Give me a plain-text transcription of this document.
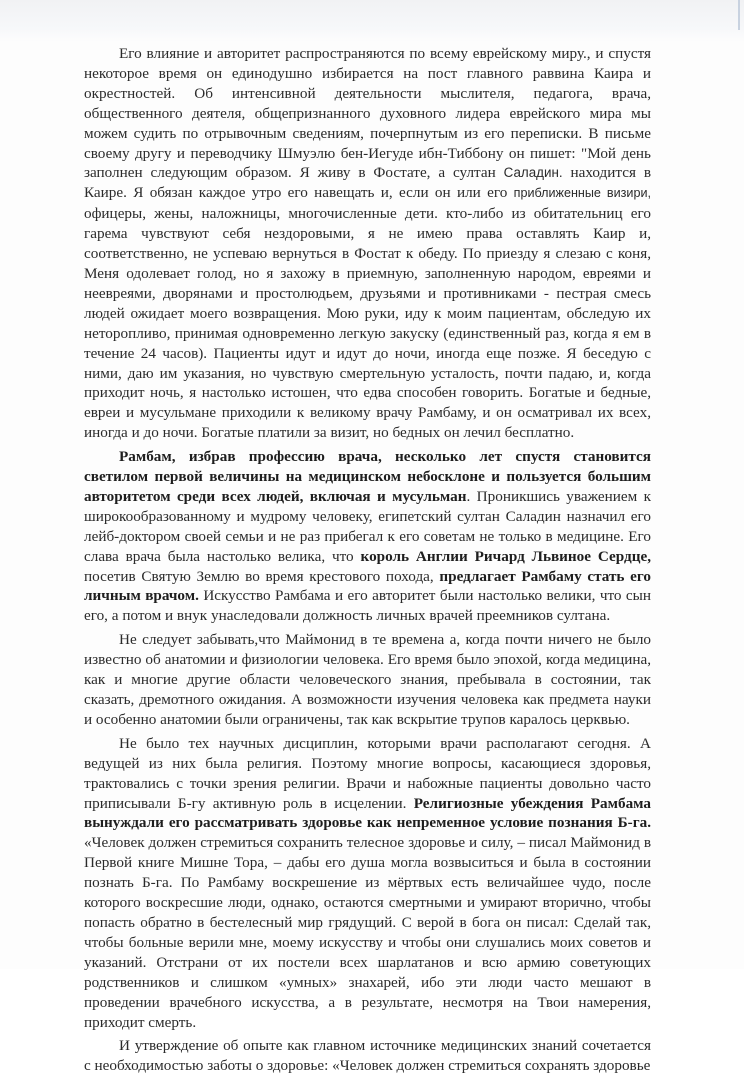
Его влияние и авторитет распространяются по всему еврейскому миру., и спустя некоторое время он единодушно избирается на пост главного раввина Каира и окрестностей. Об интенсивной деятельности мыслителя, педагога, врача, общественного деятеля, общепризнанного духовного лидера еврейского мира мы можем судить по отрывочным сведениям, почерпнутым из его переписки. В письме своему другу и переводчику Шмуэлю бен-Иегуде ибн-Тиббону он пишет: "Мой день заполнен следующим образом. Я живу в Фостате, а султан Саладин. находится в Каире. Я обязан каждое утро его навещать и, если он или его приближенные визири, офицеры, жены, наложницы, многочисленные дети. кто-либо из обитательниц его гарема чувствуют себя нездоровыми, я не имею права оставлять Каир и, соответственно, не успеваю вернуться в Фостат к обеду. По приезду я слезаю с коня, Меня одолевает голод, но я захожу в приемную, заполненную народом, евреями и неевреями, дворянами и простолюдьем, друзьями и противниками - пестрая смесь людей ожидает моего возвращения. Мою руки, иду к моим пациентам, обследую их неторопливо, принимая одновременно легкую закуску (единственный раз, когда я ем в течение 24 часов). Пациенты идут и идут до ночи, иногда еще позже. Я беседую с ними, даю им указания, но чувствую смертельную усталость, почти падаю, и, когда приходит ночь, я настолько истошен, что едва способен говорить. Богатые и бедные, евреи и мусульмане приходили к великому врачу Рамбаму, и он осматривал их всех, иногда и до ночи. Богатые платили за визит, но бедных он лечил бесплатно.

Рамбам, избрав профессию врача, несколько лет спустя становится светилом первой величины на медицинском небосклоне и пользуется большим авторитетом среди всех людей, включая и мусульман. Проникшись уважением к широкообразованному и мудрому человеку, египетский султан Саладин назначил его лейб-доктором своей семьи и не раз прибегал к его советам не только в медицине. Его слава врача была настолько велика, что король Англии Ричард Львиное Сердце, посетив Святую Землю во время крестового похода, предлагает Рамбаму стать его личным врачом. Искусство Рамбама и его авторитет были настолько велики, что сын его, а потом и внук унаследовали должность личных врачей преемников султана.

Не следует забывать,что Маймонид в те времена а, когда почти ничего не было известно об анатомии и физиологии человека. Его время было эпохой, когда медицина, как и многие другие области человеческого знания, пребывала в состоянии, так сказать, дремотного ожидания. А возможности изучения человека как предмета науки и особенно анатомии были ограничены, так как вскрытие трупов каралось церквью.

Не было тех научных дисциплин, которыми врачи располагают сегодня. А ведущей из них была религия. Поэтому многие вопросы, касающиеся здоровья, трактовались с точки зрения религии. Врачи и набожные пациенты довольно часто приписывали Б-гу активную роль в исцелении. Религиозные убеждения Рамбама вынуждали его рассматривать здоровье как непременное условие познания Б-га. «Человек должен стремиться сохранить телесное здоровье и силу, – писал Маймонид в Первой книге Мишне Тора, – дабы его душа могла возвыситься и была в состоянии познать Б-га. По Рамбаму воскрешение из мёртвых есть величайшее чудо, после которого воскресшие люди, однако, остаются смертными и умирают вторично, чтобы попасть обратно в бестелесный мир грядущий. С верой в бога он писал: Сделай так, чтобы больные верили мне, моему искусству и чтобы они слушались моих советов и указаний. Отстрани от их постели всех шарлатанов и всю армию советующих родственников и слишком «умных» знахарей, ибо эти люди часто мешают в проведении врачебного искусства, а в результате, несмотря на Твои намерения, приходит смерть.

И утверждение об опыте как главном источнике медицинских знаний сочетается с необходимостью заботы о здоровье: «Человек должен стремиться сохранять здоровье
